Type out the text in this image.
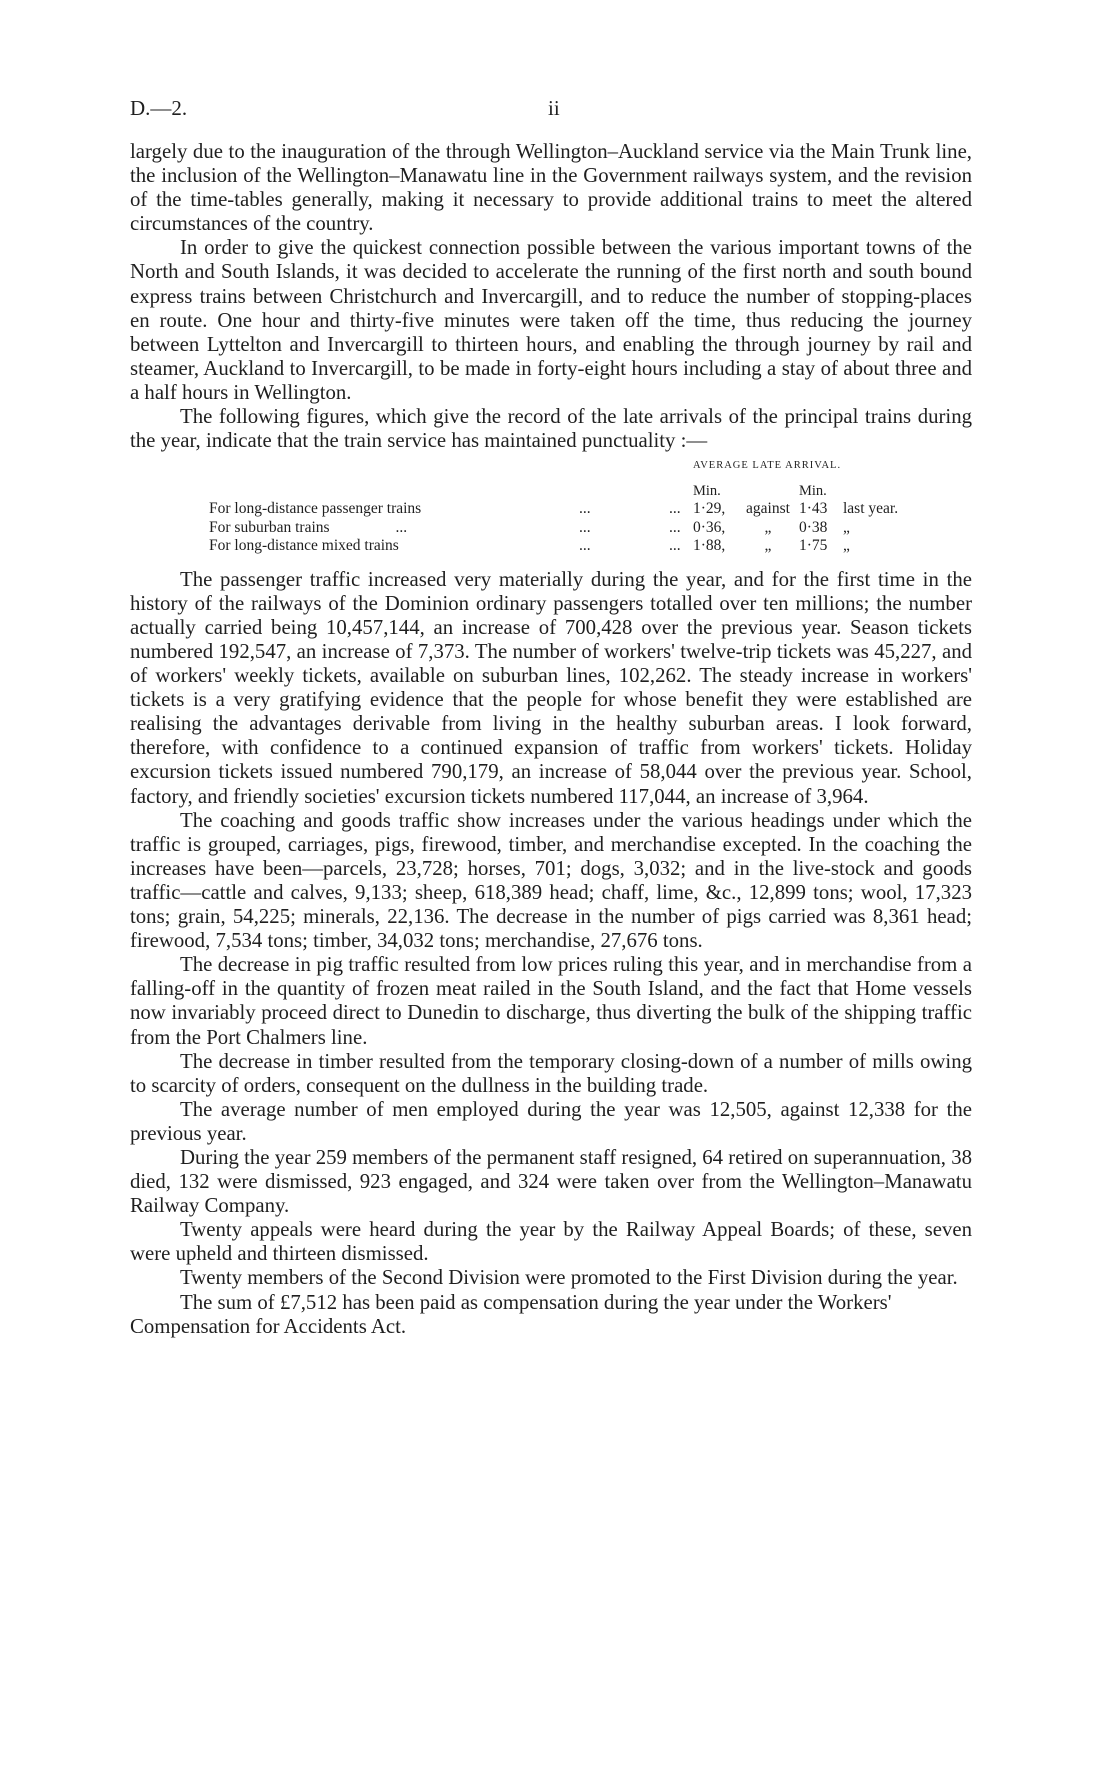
D.—2.	ii

largely due to the inauguration of the through Wellington–Auckland service via the Main Trunk line, the inclusion of the Wellington–Manawatu line in the Government railways system, and the revision of the time-tables generally, making it necessary to provide additional trains to meet the altered circumstances of the country.

In order to give the quickest connection possible between the various important towns of the North and South Islands, it was decided to accelerate the running of the first north and south bound express trains between Christchurch and Invercargill, and to reduce the number of stopping-places en route. One hour and thirty-five minutes were taken off the time, thus reducing the journey between Lyttelton and Invercargill to thirteen hours, and enabling the through journey by rail and steamer, Auckland to Invercargill, to be made in forty-eight hours including a stay of about three and a half hours in Wellington.

The following figures, which give the record of the late arrivals of the principal trains during the year, indicate that the train service has maintained punctuality :—

			AVERAGE LATE ARRIVAL.			
			Min.		Min.	
For long-distance passenger trains	...	...	1·29,	against	1·43	last year.
For suburban trains ...	...	...	0·36,	„	0·38	„
For long-distance mixed trains	...	...	1·88,	„	1·75	„

The passenger traffic increased very materially during the year, and for the first time in the history of the railways of the Dominion ordinary passengers totalled over ten millions; the number actually carried being 10,457,144, an increase of 700,428 over the previous year. Season tickets numbered 192,547, an increase of 7,373. The number of workers' twelve-trip tickets was 45,227, and of workers' weekly tickets, available on suburban lines, 102,262. The steady increase in workers' tickets is a very gratifying evidence that the people for whose benefit they were established are realising the advantages derivable from living in the healthy suburban areas. I look forward, therefore, with confidence to a continued expansion of traffic from workers' tickets. Holiday excursion tickets issued numbered 790,179, an increase of 58,044 over the previous year. School, factory, and friendly societies' excursion tickets numbered 117,044, an increase of 3,964.

The coaching and goods traffic show increases under the various headings under which the traffic is grouped, carriages, pigs, firewood, timber, and merchandise excepted. In the coaching the increases have been—parcels, 23,728; horses, 701; dogs, 3,032; and in the live-stock and goods traffic—cattle and calves, 9,133; sheep, 618,389 head; chaff, lime, &c., 12,899 tons; wool, 17,323 tons; grain, 54,225; minerals, 22,136. The decrease in the number of pigs carried was 8,361 head; firewood, 7,534 tons; timber, 34,032 tons; merchandise, 27,676 tons.

The decrease in pig traffic resulted from low prices ruling this year, and in merchandise from a falling-off in the quantity of frozen meat railed in the South Island, and the fact that Home vessels now invariably proceed direct to Dunedin to discharge, thus diverting the bulk of the shipping traffic from the Port Chalmers line.

The decrease in timber resulted from the temporary closing-down of a number of mills owing to scarcity of orders, consequent on the dullness in the building trade.

The average number of men employed during the year was 12,505, against 12,338 for the previous year.

During the year 259 members of the permanent staff resigned, 64 retired on superannuation, 38 died, 132 were dismissed, 923 engaged, and 324 were taken over from the Wellington–Manawatu Railway Company.

Twenty appeals were heard during the year by the Railway Appeal Boards; of these, seven were upheld and thirteen dismissed.

Twenty members of the Second Division were promoted to the First Division during the year.

The sum of £7,512 has been paid as compensation during the year under the Workers' Compensation for Accidents Act.
